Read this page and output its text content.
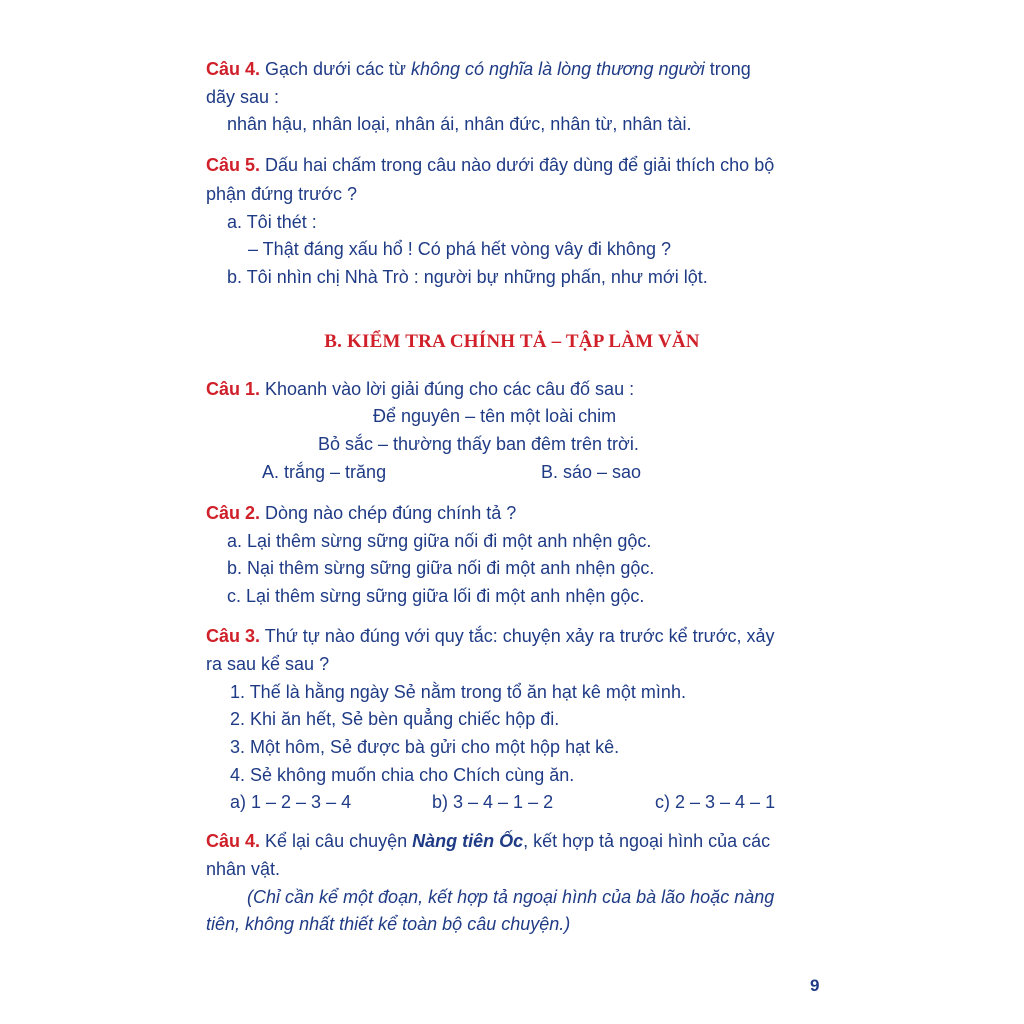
Câu 4. Gạch dưới các từ không có nghĩa là lòng thương người trong
dãy sau :
nhân hậu, nhân loại, nhân ái, nhân đức, nhân từ, nhân tài.
Câu 5. Dấu hai chấm trong câu nào dưới đây dùng để giải thích cho bộ
phận đứng trước ?
a. Tôi thét :
– Thật đáng xấu hổ ! Có phá hết vòng vây đi không ?
b. Tôi nhìn chị Nhà Trò : người bự những phấn, như mới lột.
B. KIỂM TRA CHÍNH TẢ – TẬP LÀM VĂN
Câu 1. Khoanh vào lời giải đúng cho các câu đố sau :
Để nguyên – tên một loài chim
Bỏ sắc – thường thấy ban đêm trên trời.
A. trắng – trăng	B. sáo – sao
Câu 2. Dòng nào chép đúng chính tả ?
a. Lại thêm sừng sững giữa nối đi một anh nhện gộc.
b. Nại thêm sừng sững giữa nối đi một anh nhện gộc.
c. Lại thêm sừng sững giữa lối đi một anh nhện gộc.
Câu 3. Thứ tự nào đúng với quy tắc: chuyện xảy ra trước kể trước, xảy
ra sau kể sau ?
1. Thế là hằng ngày Sẻ nằm trong tổ ăn hạt kê một mình.
2. Khi ăn hết, Sẻ bèn quẳng chiếc hộp đi.
3. Một hôm, Sẻ được bà gửi cho một hộp hạt kê.
4. Sẻ không muốn chia cho Chích cùng ăn.
a) 1 – 2 – 3 – 4	b) 3 – 4 – 1 – 2	c) 2 – 3 – 4 – 1
Câu 4. Kể lại câu chuyện Nàng tiên Ốc, kết hợp tả ngoại hình của các
nhân vật.
(Chỉ cần kể một đoạn, kết hợp tả ngoại hình của bà lão hoặc nàng
tiên, không nhất thiết kể toàn bộ câu chuyện.)
9
